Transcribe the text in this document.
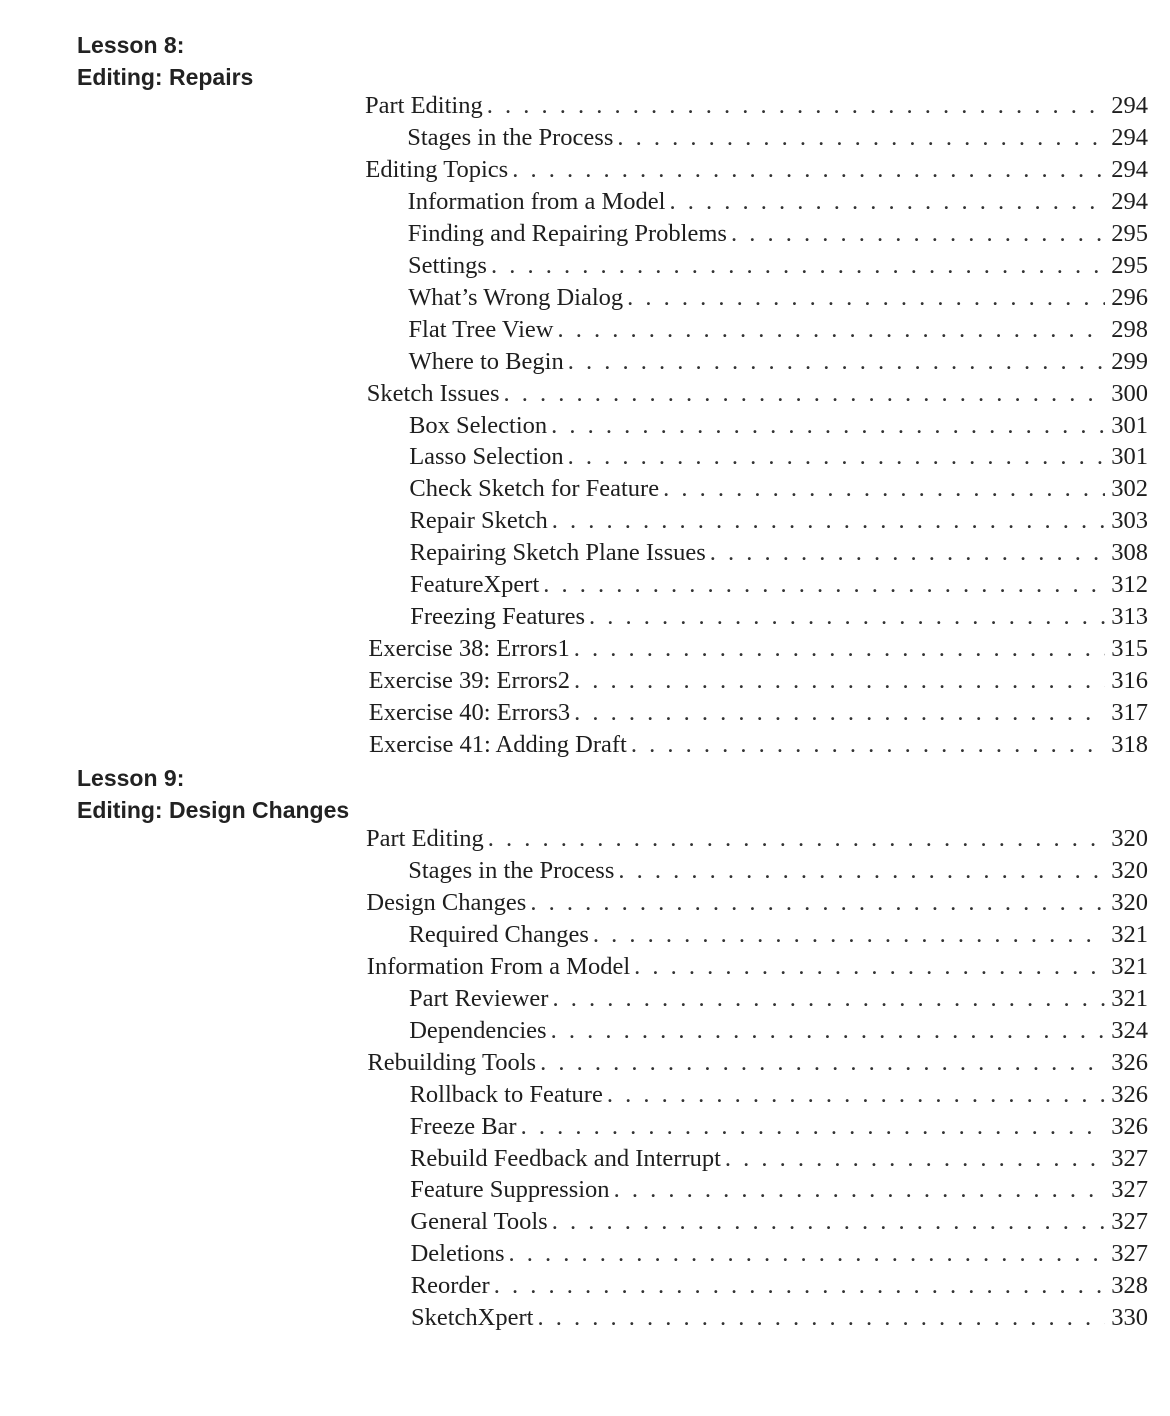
Lesson 8:
Editing: Repairs
Part Editing . . .	294
Stages in the Process . . .	294
Editing Topics . . .	294
Information from a Model . . .	294
Finding and Repairing Problems . . .	295
Settings . . .	295
What’s Wrong Dialog . . .	296
Flat Tree View . . .	298
Where to Begin . . .	299
Sketch Issues . . .	300
Box Selection . . .	301
Lasso Selection . . .	301
Check Sketch for Feature . . .	302
Repair Sketch . . .	303
Repairing Sketch Plane Issues . . .	308
FeatureXpert . . .	312
Freezing Features . . .	313
Exercise 38: Errors1 . . .	315
Exercise 39: Errors2 . . .	316
Exercise 40: Errors3 . . .	317
Exercise 41: Adding Draft . . .	318
Lesson 9:
Editing: Design Changes
Part Editing . . .	320
Stages in the Process . . .	320
Design Changes . . .	320
Required Changes . . .	321
Information From a Model . . .	321
Part Reviewer . . .	321
Dependencies . . .	324
Rebuilding Tools . . .	326
Rollback to Feature . . .	326
Freeze Bar . . .	326
Rebuild Feedback and Interrupt . . .	327
Feature Suppression . . .	327
General Tools . . .	327
Deletions . . .	327
Reorder . . .	328
SketchXpert . . .	330
